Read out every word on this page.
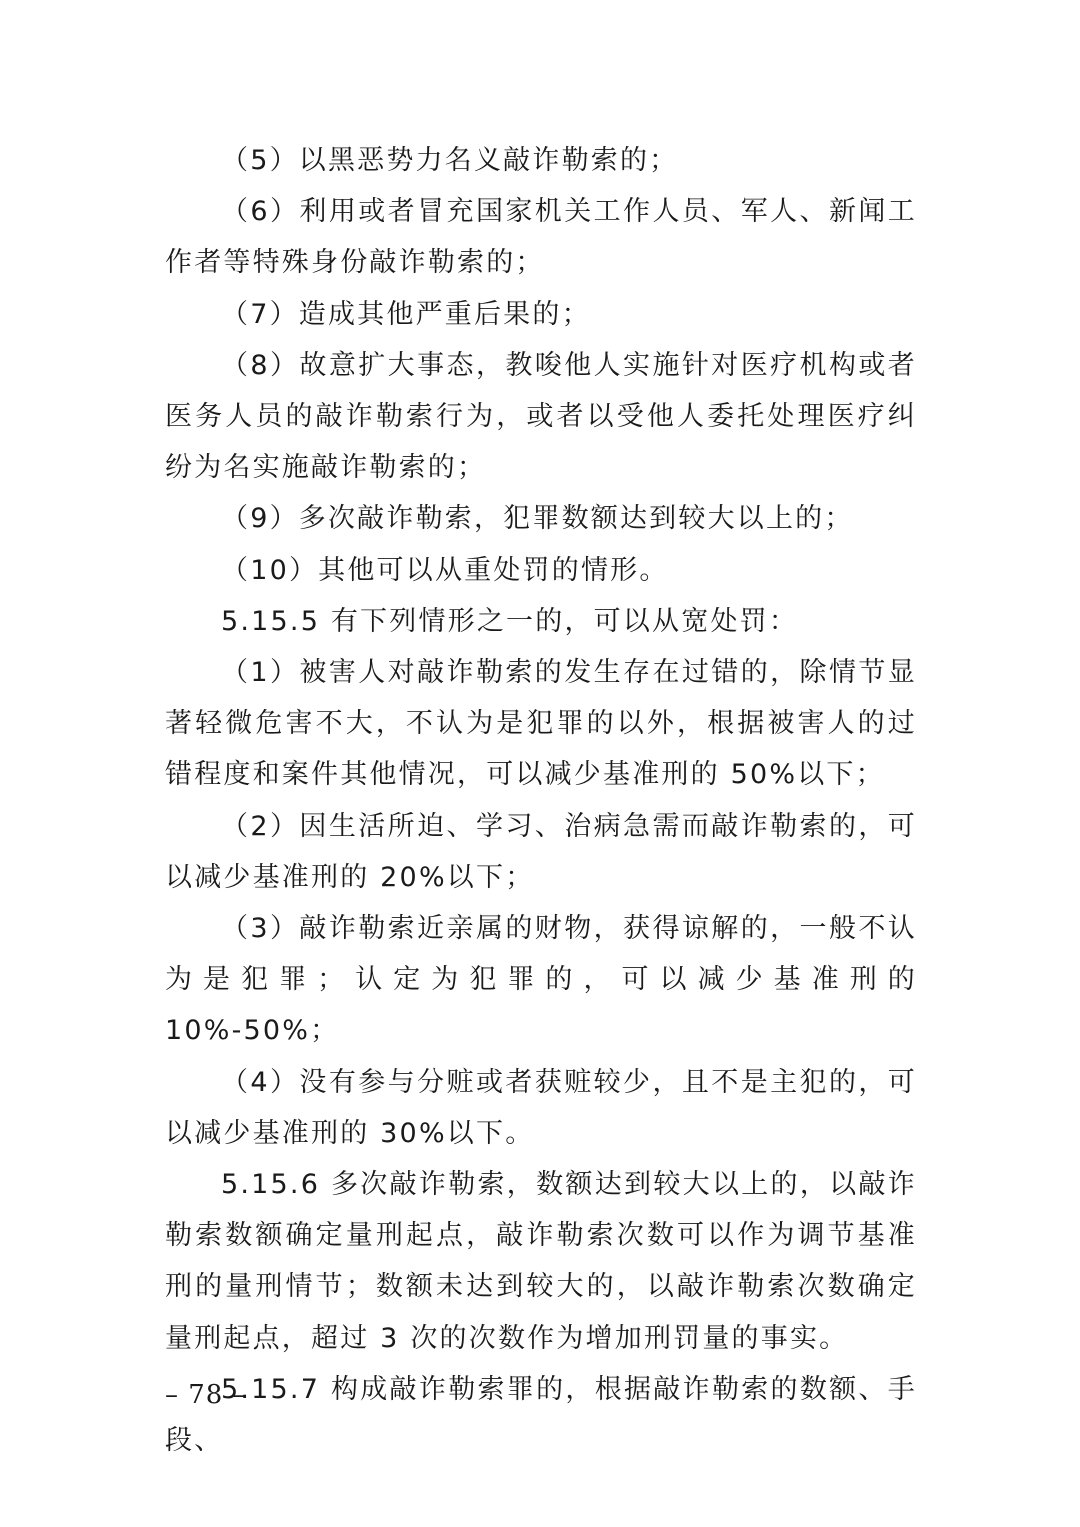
（5）以黑恶势力名义敲诈勒索的；

（6）利用或者冒充国家机关工作人员、军人、新闻工作者等特殊身份敲诈勒索的；

（7）造成其他严重后果的；

（8）故意扩大事态，教唆他人实施针对医疗机构或者医务人员的敲诈勒索行为，或者以受他人委托处理医疗纠纷为名实施敲诈勒索的；

（9）多次敲诈勒索，犯罪数额达到较大以上的；

（10）其他可以从重处罚的情形。

5.15.5 有下列情形之一的，可以从宽处罚：

（1）被害人对敲诈勒索的发生存在过错的，除情节显著轻微危害不大，不认为是犯罪的以外，根据被害人的过错程度和案件其他情况，可以减少基准刑的 50%以下；

（2）因生活所迫、学习、治病急需而敲诈勒索的，可以减少基准刑的 20%以下；

（3）敲诈勒索近亲属的财物，获得谅解的，一般不认为是犯罪；认定为犯罪的，可以减少基准刑的 10%-50%；

（4）没有参与分赃或者获赃较少，且不是主犯的，可以减少基准刑的 30%以下。

5.15.6 多次敲诈勒索，数额达到较大以上的，以敲诈勒索数额确定量刑起点，敲诈勒索次数可以作为调节基准刑的量刑情节；数额未达到较大的，以敲诈勒索次数确定量刑起点，超过 3 次的次数作为增加刑罚量的事实。

5.15.7 构成敲诈勒索罪的，根据敲诈勒索的数额、手段、

– 78 –
